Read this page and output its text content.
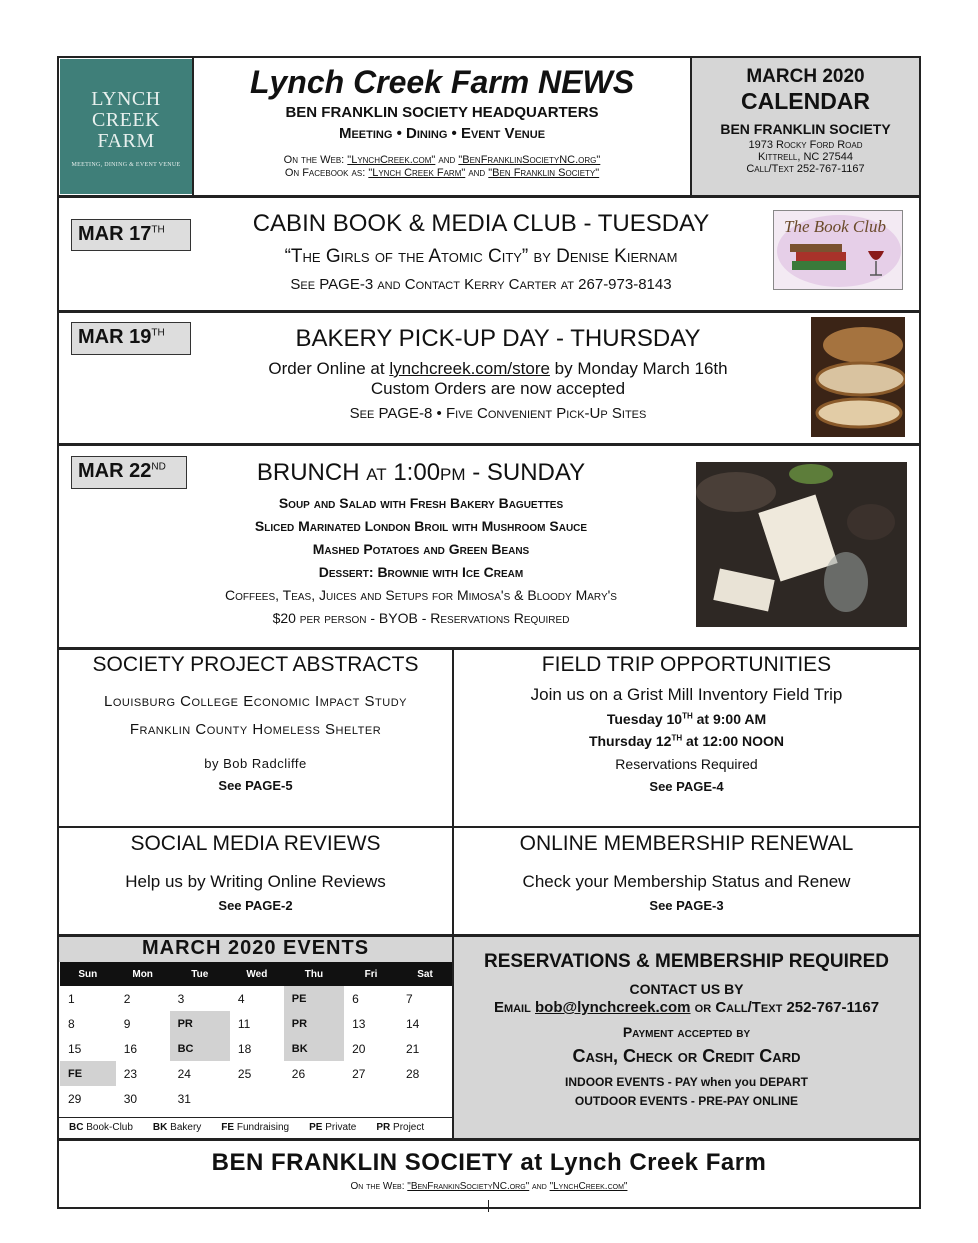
LYNCH
CREEK
FARM
MEETING, DINING & EVENT VENUE
Lynch Creek Farm NEWS
BEN FRANKLIN SOCIETY HEADQUARTERS
Meeting • Dining • Event Venue
On the Web: "LynchCreek.com" and "BenFranklinSocietyNC.org"
On Facebook as: "Lynch Creek Farm" and "Ben Franklin Society"
MARCH 2020
CALENDAR
BEN FRANKLIN SOCIETY
1973 Rocky Ford Road
Kittrell, NC 27544
Call/Text 252-767-1167
MAR 17TH	CABIN BOOK & MEDIA CLUB - TUESDAY
“The Girls of the Atomic City” by Denise Kiernam
See PAGE-3 and Contact Kerry Carter at 267-973-8143
The Book Club
MAR 19TH	BAKERY PICK-UP DAY - THURSDAY
Order Online at lynchcreek.com/store by Monday March 16th
Custom Orders are now accepted
See PAGE-8 • Five Convenient Pick-Up Sites
MAR 22ND	BRUNCH at 1:00pm - SUNDAY
Soup and Salad with Fresh Bakery Baguettes
Sliced Marinated London Broil with Mushroom Sauce
Mashed Potatoes and Green Beans
Dessert: Brownie with Ice Cream
Coffees, Teas, Juices and Setups for Mimosa's & Bloody Mary's
$20 per person - BYOB - Reservations Required
SOCIETY PROJECT ABSTRACTS
Louisburg College Economic Impact Study
Franklin County Homeless Shelter
by Bob Radcliffe
See PAGE-5
FIELD TRIP OPPORTUNITIES
Join us on a Grist Mill Inventory Field Trip
Tuesday 10TH at 9:00 AM
Thursday 12TH at 12:00 NOON
Reservations Required
See PAGE-4
SOCIAL MEDIA REVIEWS
Help us by Writing Online Reviews
See PAGE-2
ONLINE MEMBERSHIP RENEWAL
Check your Membership Status and Renew
See PAGE-3
MARCH 2020 EVENTS
Sun	Mon	Tue	Wed	Thu	Fri	Sat
1	2	3	4	PE	6	7
8	9	PR	11	PR	13	14
15	16	BC	18	BK	20	21
FE	23	24	25	26	27	28
29	30	31				
BC Book-Club BK Bakery FE Fundraising PE Private PR Project
RESERVATIONS & MEMBERSHIP REQUIRED
CONTACT US BY
Email bob@lynchcreek.com or Call/Text 252-767-1167
Payment accepted by
Cash, Check or Credit Card
INDOOR EVENTS - PAY when you DEPART
OUTDOOR EVENTS - PRE-PAY ONLINE
BEN FRANKLIN SOCIETY at Lynch Creek Farm
On the Web: "BenFrankinSocietyNC.org" and "LynchCreek.com"
